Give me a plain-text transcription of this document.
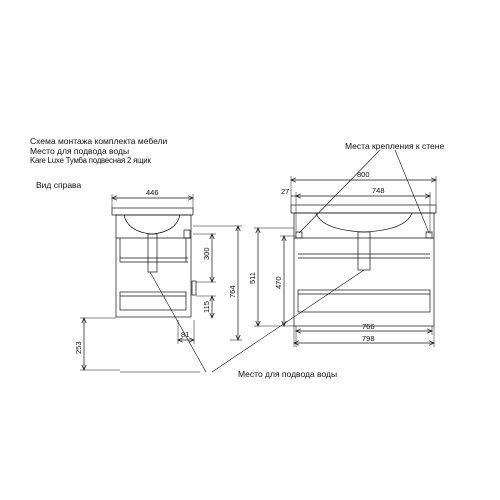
Схема монтажа комплекта мебели
Место для подвода воды
Kare Luxe Тумба подвесная 2 ящик
Вид справа
Места крепления к стене
Место для подвода воды
446
300
115
764
253
81
800
27	748
511 470
766
798
